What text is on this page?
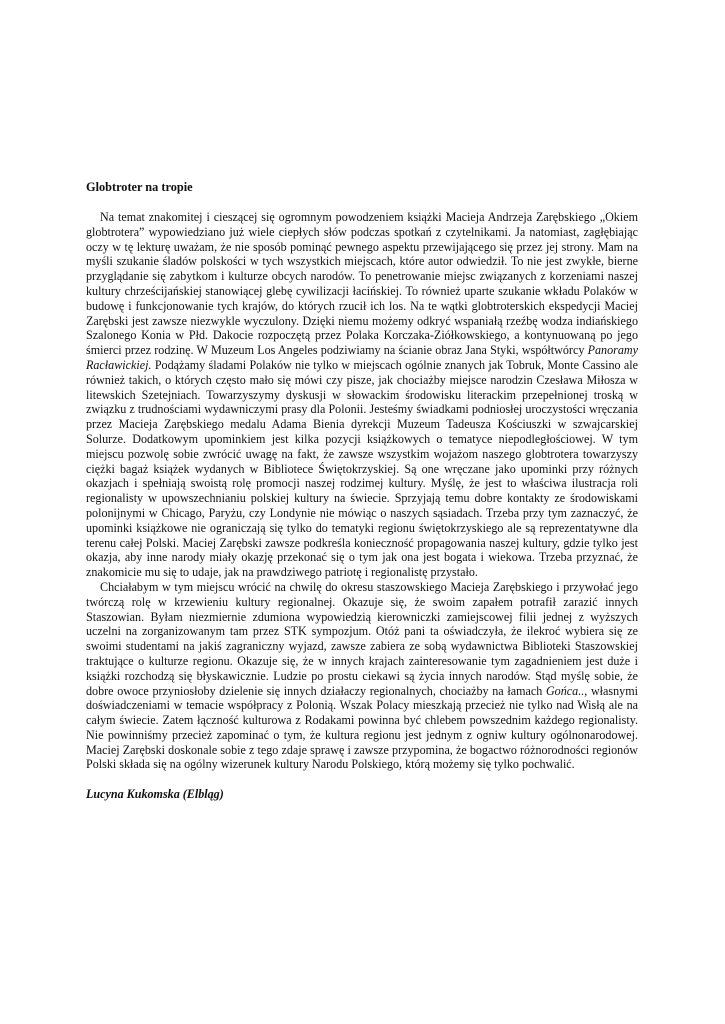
Globtroter na tropie

Na temat znakomitej i cieszącej się ogromnym powodzeniem książki Macieja Andrzeja Zarębskiego „Okiem globtrotera” wypowiedziano już wiele ciepłych słów podczas spotkań z czytelnikami. Ja natomiast, zagłębiając oczy w tę lekturę uważam, że nie sposób pominąć pewnego aspektu przewijającego się przez jej strony. Mam na myśli szukanie śladów polskości w tych wszystkich miejscach, które autor odwiedził. To nie jest zwykłe, bierne przyglądanie się zabytkom i kulturze obcych narodów. To penetrowanie miejsc związanych z korzeniami naszej kultury chrześcijańskiej stanowiącej glebę cywilizacji łacińskiej. To również uparte szukanie wkładu Polaków w budowę i funkcjonowanie tych krajów, do których rzucił ich los. Na te wątki globtroterskich ekspedycji Maciej Zarębski jest zawsze niezwykle wyczulony. Dzięki niemu możemy odkryć wspaniałą rzeźbę wodza indiańskiego Szalonego Konia w Płd. Dakocie rozpoczętą przez Polaka Korczaka-Ziółkowskiego, a kontynuowaną po jego śmierci przez rodzinę. W Muzeum Los Angeles podziwiamy na ścianie obraz Jana Styki, współtwórcy Panoramy Racławickiej. Podążamy śladami Polaków nie tylko w miejscach ogólnie znanych jak Tobruk, Monte Cassino ale również takich, o których często mało się mówi czy pisze, jak chociażby miejsce narodzin Czesława Miłosza w litewskich Szetejniach. Towarzyszymy dyskusji w słowackim środowisku literackim przepełnionej troską w związku z trudnościami wydawniczymi prasy dla Polonii. Jesteśmy świadkami podniosłej uroczystości wręczania przez Macieja Zarębskiego medalu Adama Bienia dyrekcji Muzeum Tadeusza Kościuszki w szwajcarskiej Solurze. Dodatkowym upominkiem jest kilka pozycji książkowych o tematyce niepodległościowej. W tym miejscu pozwolę sobie zwrócić uwagę na fakt, że zawsze wszystkim wojażom naszego globtrotera towarzyszy ciężki bagaż książek wydanych w Bibliotece Świętokrzyskiej. Są one wręczane jako upominki przy różnych okazjach i spełniają swoistą rolę promocji naszej rodzimej kultury. Myślę, że jest to właściwa ilustracja roli regionalisty w upowszechnianiu polskiej kultury na świecie. Sprzyjają temu dobre kontakty ze środowiskami polonijnymi w Chicago, Paryżu, czy Londynie nie mówiąc o naszych sąsiadach. Trzeba przy tym zaznaczyć, że upominki książkowe nie ograniczają się tylko do tematyki regionu świętokrzyskiego ale są reprezentatywne dla terenu całej Polski. Maciej Zarębski zawsze podkreśla konieczność propagowania naszej kultury, gdzie tylko jest okazja, aby inne narody miały okazję przekonać się o tym jak ona jest bogata i wiekowa. Trzeba przyznać, że znakomicie mu się to udaje, jak na prawdziwego patriotę i regionalistę przystało.

Chciałabym w tym miejscu wrócić na chwilę do okresu staszowskiego Macieja Zarębskiego i przywołać jego twórczą rolę w krzewieniu kultury regionalnej. Okazuje się, że swoim zapałem potrafił zarazić innych Staszowian. Byłam niezmiernie zdumiona wypowiedzią kierowniczki zamiejscowej filii jednej z wyższych uczelni na zorganizowanym tam przez STK sympozjum. Otóż pani ta oświadczyła, że ilekroć wybiera się ze swoimi studentami na jakiś zagraniczny wyjazd, zawsze zabiera ze sobą wydawnictwa Biblioteki Staszowskiej traktujące o kulturze regionu. Okazuje się, że w innych krajach zainteresowanie tym zagadnieniem jest duże i książki rozchodzą się błyskawicznie. Ludzie po prostu ciekawi są życia innych narodów. Stąd myślę sobie, że dobre owoce przyniosłoby dzielenie się innych działaczy regionalnych, chociażby na łamach Gońca.., własnymi doświadczeniami w temacie współpracy z Polonią. Wszak Polacy mieszkają przecież nie tylko nad Wisłą ale na całym świecie. Zatem łączność kulturowa z Rodakami powinna być chlebem powszednim każdego regionalisty. Nie powinniśmy przecież zapominać o tym, że kultura regionu jest jednym z ogniw kultury ogólnonarodowej. Maciej Zarębski doskonale sobie z tego zdaje sprawę i zawsze przypomina, że bogactwo różnorodności regionów Polski składa się na ogólny wizerunek kultury Narodu Polskiego, którą możemy się tylko pochwalić.

Lucyna Kukomska (Elbląg)
